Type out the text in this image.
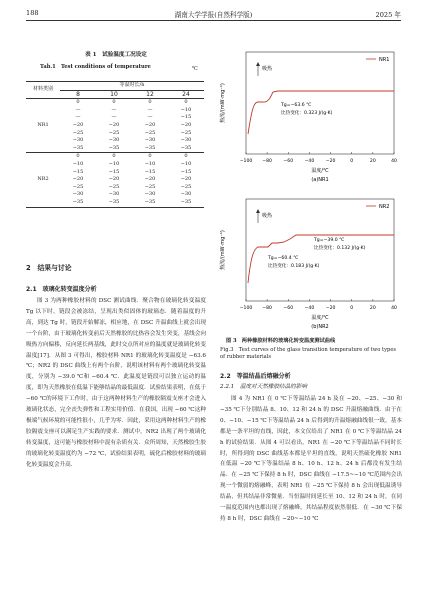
188	湖南大学学报(自然科学版)	2025 年
表 1　试验温度工况设定
Tab.1　Test conditions of temperature	℃
材料类别	等温时长/h			
	8	10	12	24
NR1	0	0	0	0
	—	—	—	−10
	—	—	—	−15
	−20	−20	−20	−20
	−25	−25	−25	−25
	−30	−30	−30	−30
	−35	−35	−35	−35
NR2	0	0	0	0
	−10	−10	−10	−10
	−15	−15	−15	−15
	−20	−20	−20	−20
	−25	−25	−25	−25
	−30	−30	−30	−30
	−35	−35	−35	−35
2　结果与讨论
2.1　玻璃化转变温度分析

图 3 为两种橡胶材料的 DSC 测试曲线．聚合物在玻璃化转变温度 Tg 以下时，链段会被冻结，呈现出类似固体的玻璃态．随着温度的升高，到达 Tg 时，链段开始解冻，相应地，在 DSC 升温曲线上就会出现一个台阶，由于玻璃化转变前后天然橡胶的比热容会发生突变，基线会向吸热方向偏移，反向延长两基线，此时交点所对应的温度就是玻璃化转变温度[17]．从图 3 可得出，橡胶材料 NR1 的玻璃化转变温度是 −63.6 ℃；NR2 的 DSC 曲线上有两个台阶，说明该材料有两个玻璃化转变温度，分别为 −39.0 ℃和 −60.4 ℃．此温度是链段可以独立运动的温度，即为天然橡胶在低温下能够结晶的最低温度．试验结果表明，在低于 −60 ℃的环境下工作时，由于这两种材料生产的橡胶隔震支座才会进入玻璃化状态，完全丧失弹性和工程实用价值．在我国，出现 −60 ℃这种极端气候环境的可能性很小，几乎为零．因此，采用这两种材料生产的橡胶隔震支座可以满足生产实践的要求．测试中，NR2 出现了两个玻璃化转变温度，这可能与橡胶材料中混有杂质有关．众所周知，天然橡胶生胶的玻璃化转变温度约为 −72 ℃，试验结果表明，硫化后橡胶材料的玻璃化转变温度会升高．

热流/(mW·mg⁻¹)
−100 −80 −60 −40 −20	0	20	40
温度/℃
NR1
吸热
Tg=−63.6 ℃
比热变化：0.323 J/(g·K)
(a)NR1
热流/(mW·mg⁻¹)
−100 −80 −60 −40 −20	0	20	40
温度/℃
NR2
吸热
Tg=−39.0 ℃
比热变化：0.132 J/(g·K)
Tg=−60.4 ℃
比热变化：0.183 J/(g·K)
(b)NR2
图 3　两种橡胶材料的玻璃化转变温度测试曲线
Fig.3　Test curves of the glass transition temperature of two types of rubber materials
2.2　等温结晶后熔融分析
2.2.1　温度对天然橡胶结晶的影响

图 4 为 NR1 在 0 ℃下等温结晶 24 h 及在 −20、−25、−30 和 −35 ℃下分别结晶 8、10、12 和 24 h 的 DSC 升温熔融曲线．由于在 0、−10、−15 ℃下等温结晶 24 h 后得到的升温熔融曲线很一致，基本都是一条平坦的直线，因此，本文仅给出了 NR1 在 0 ℃下等温结晶 24 h 的试验结果．从图 4 可以看出，NR1 在 −20 ℃下等温结晶不同时长时，所得到的 DSC 曲线基本都是平坦的直线，说明天然硫化橡胶 NR1 在低温 −20 ℃下等温结晶 8 h、10 h、12 h、24 h 后都没有发生结晶．在 −25 ℃下保持 8 h 时，DSC 曲线在 −17.5~−10 ℃范围内会出现一个微弱的熔融峰，表明 NR1 在 −25 ℃下保持 8 h 会出现低温诱导结晶，但其结晶非常微量．当恒温时间延长至 10、12 和 24 h 时，在同一温度范围内也都出现了熔融峰，其结晶程度依然很低．在 −30 ℃下保持 8 h 时，DSC 曲线在 −20~−10 ℃
